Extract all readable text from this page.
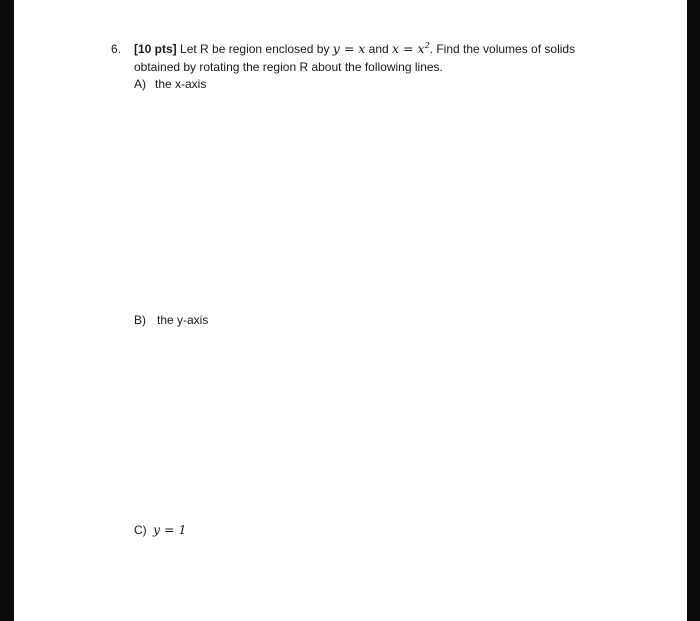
6. [10 pts] Let R be region enclosed by y = x and $x = x^2$. Find the volumes of solids
obtained by rotating the region R about the following lines.
A) the x-axis
B) the y-axis
C) y = 1
